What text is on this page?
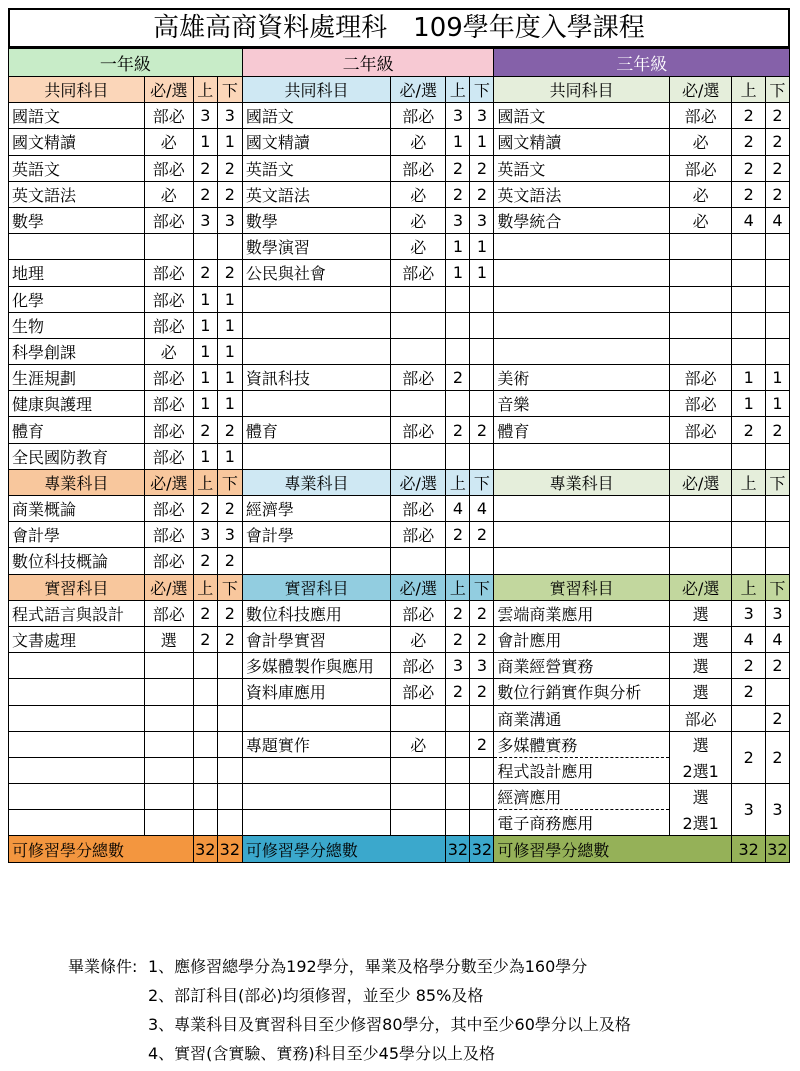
高雄高商資料處理科　109學年度入學課程
一年級				二年級				三年級			
共同科目	必/選	上	下	共同科目	必/選	上	下	共同科目	必/選	上	下
國語文	部必	3	3	國語文	部必	3	3	國語文	部必	2	2
國文精讀	必	1	1	國文精讀	必	1	1	國文精讀	必	2	2
英語文	部必	2	2	英語文	部必	2	2	英語文	部必	2	2
英文語法	必	2	2	英文語法	必	2	2	英文語法	必	2	2
數學	部必	3	3	數學	必	3	3	數學統合	必	4	4
				數學演習	必	1	1				
地理	部必	2	2	公民與社會	部必	1	1				
化學	部必	1	1								
生物	部必	1	1								
科學創課	必	1	1								
生涯規劃	部必	1	1	資訊科技	部必	2		美術	部必	1	1
健康與護理	部必	1	1					音樂	部必	1	1
體育	部必	2	2	體育	部必	2	2	體育	部必	2	2
全民國防教育	部必	1	1								
專業科目	必/選	上	下	專業科目	必/選	上	下	專業科目	必/選	上	下
商業概論	部必	2	2	經濟學	部必	4	4				
會計學	部必	3	3	會計學	部必	2	2				
數位科技概論	部必	2	2								
實習科目	必/選	上	下	實習科目	必/選	上	下	實習科目	必/選	上	下
程式語言與設計	部必	2	2	數位科技應用	部必	2	2	雲端商業應用	選	3	3
文書處理	選	2	2	會計學實習	必	2	2	會計應用	選	4	4
				多媒體製作與應用	部必	3	3	商業經營實務	選	2	2
				資料庫應用	部必	2	2	數位行銷實作與分析	選	2	
								商業溝通	部必		2
				專題實作	必		2	多媒體實務	選	2	2
								程式設計應用	2選1		
								經濟應用	選	3	3
								電子商務應用	2選1		
可修習學分總數		32	32	可修習學分總數		32	32	可修習學分總數		32	32
畢業條件: 1、應修習總學分為192學分，畢業及格學分數至少為160學分
2、部訂科目(部必)均須修習，並至少 85%及格
3、專業科目及實習科目至少修習80學分，其中至少60學分以上及格
4、實習(含實驗、實務)科目至少45學分以上及格
